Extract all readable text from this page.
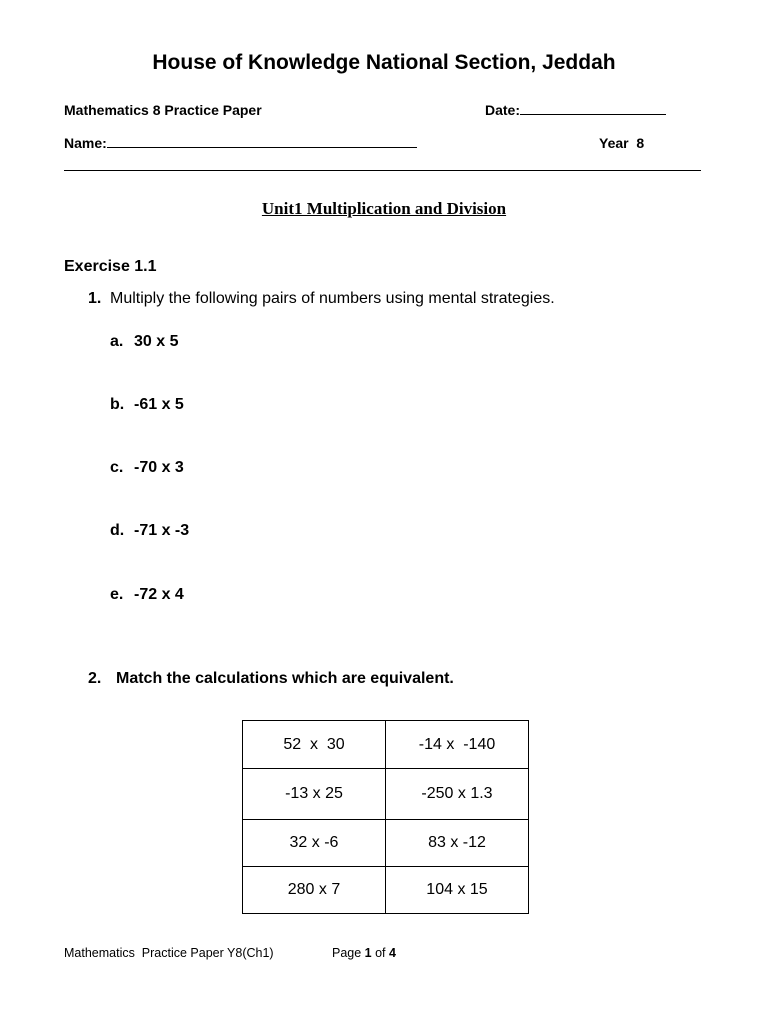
House of Knowledge National Section, Jeddah
Mathematics 8 Practice Paper	Date:
Name:	Year  8
Unit1 Multiplication and Division
Exercise 1.1
1. Multiply the following pairs of numbers using mental strategies.
a. 30 x 5
b. -61 x 5
c. -70 x 3
d. -71 x -3
e. -72 x 4
2. Match the calculations which are equivalent.
52  x  30	-14 x  -140
-13 x 25	-250 x 1.3
32 x -6	83 x -12
280 x 7	104 x 15
Mathematics  Practice Paper Y8(Ch1)	Page 1 of 4
